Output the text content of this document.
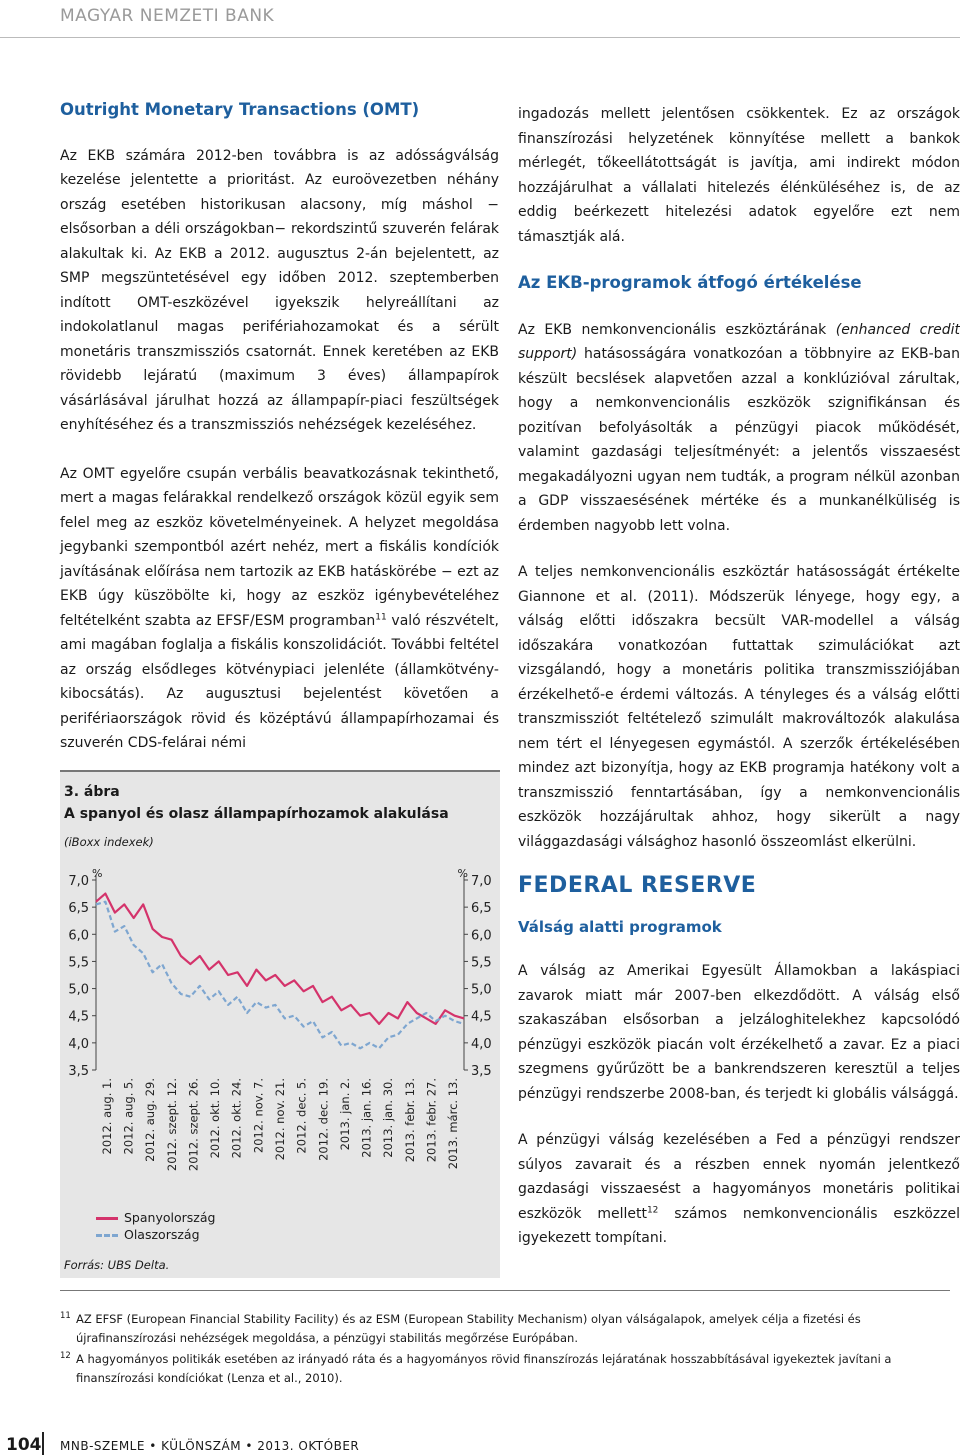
MAGYAR NEMZETI BANK
Outright Monetary Transactions (OMT)

Az EKB számára 2012-ben továbbra is az adósságválság kezelése jelentette a prioritást. Az euroövezetben néhány ország esetében historikusan alacsony, míg máshol − elsősorban a déli országokban− rekordszintű szuverén felárak alakultak ki. Az EKB a 2012. augusztus 2-án bejelentett, az SMP megszüntetésével egy időben 2012. szeptemberben indított OMT-eszközével igyekszik helyreállítani az indokolatlanul magas perifériahozamokat és a sérült monetáris transzmissziós csatornát. Ennek keretében az EKB rövidebb lejáratú (maximum 3 éves) állampapírok vásárlásával járulhat hozzá az állampapír-piaci feszültségek enyhítéséhez és a transzmissziós nehézségek kezeléséhez.

Az OMT egyelőre csupán verbális beavatkozásnak tekinthető, mert a magas felárakkal rendelkező országok közül egyik sem felel meg az eszköz követelményeinek. A helyzet megoldása jegybanki szempontból azért nehéz, mert a fiskális kondíciók javításának előírása nem tartozik az EKB hatáskörébe − ezt az EKB úgy küszöbölte ki, hogy az eszköz igénybevételéhez feltételként szabta az EFSF/ESM programban$^{11}$ való részvételt, ami magában foglalja a fiskális konszolidációt. További feltétel az ország elsődleges kötvénypiaci jelenléte (államkötvény-kibocsátás). Az augusztusi bejelentést követően a perifériaországok rövid és középtávú állampapírhozamai és szuverén CDS-felárai némi

3. ábra
A spanyol és olasz állampapírhozamok alakulása
(iBoxx indexek)
7,0	7,0
6,5	6,5
6,0	6,0
5,5	5,5
5,0	5,0
4,5	4,5
4,0	4,0
3,5	3,5
%	%
2012. aug. 1. 2012. aug. 5. 2012. aug. 29. 2012. szept. 12. 2012. szept. 26. 2012. okt. 10. 2012. okt. 24. 2012. nov. 7. 2012. nov. 21. 2012. dec. 5. 2012. dec. 19. 2013. jan. 2. 2013. jan. 16. 2013. jan. 30. 2013. febr. 13. 2013. febr. 27. 2013. márc. 13.
Spanyolország
Olaszország
Forrás: UBS Delta.

ingadozás mellett jelentősen csökkentek. Ez az országok finanszírozási helyzetének könnyítése mellett a bankok mérlegét, tőkeellátottságát is javítja, ami indirekt módon hozzájárulhat a vállalati hitelezés élénküléséhez is, de az eddig beérkezett hitelezési adatok egyelőre ezt nem támasztják alá.

Az EKB-programok átfogó értékelése

Az EKB nemkonvencionális eszköztárának (enhanced credit support) hatásosságára vonatkozóan a többnyire az EKB-ban készült becslések alapvetően azzal a konklúzióval zárultak, hogy a nemkonvencionális eszközök szignifikánsan és pozitívan befolyásolták a pénzügyi piacok működését, valamint gazdasági teljesítményét: a jelentős visszaesést megakadályozni ugyan nem tudták, a program nélkül azonban a GDP visszaesésének mértéke és a munkanélküliség is érdemben nagyobb lett volna.

A teljes nemkonvencionális eszköztár hatásosságát értékelte Giannone et al. (2011). Módszerük lényege, hogy egy, a válság előtti időszakra becsült VAR-modellel a válság időszakára vonatkozóan futtattak szimulációkat azt vizsgálandó, hogy a monetáris politika transzmissziójában érzékelhető-e érdemi változás. A tényleges és a válság előtti transzmissziót feltételező szimulált makrováltozók alakulása nem tért el lényegesen egymástól. A szerzők értékelésében mindez azt bizonyítja, hogy az EKB programja hatékony volt a transzmisszió fenntartásában, így a nemkonvencionális eszközök hozzájárultak ahhoz, hogy sikerült a nagy világgazdasági válsághoz hasonló összeomlást elkerülni.

FEDERAL RESERVE
Válság alatti programok

A válság az Amerikai Egyesült Államokban a lakáspiaci zavarok miatt már 2007-ben elkezdődött. A válság első szakaszában elsősorban a jelzáloghitelekhez kapcsolódó pénzügyi eszközök piacán volt érzékelhető a zavar. Ez a piaci szegmens gyűrűzött be a bankrendszeren keresztül a teljes pénzügyi rendszerbe 2008-ban, és terjedt ki globális válsággá.

A pénzügyi válság kezelésében a Fed a pénzügyi rendszer súlyos zavarait és a részben ennek nyomán jelentkező gazdasági visszaesést a hagyományos monetáris politikai eszközök mellett$^{12}$ számos nemkonvencionális eszközzel igyekezett tompítani.

11 AZ EFSF (European Financial Stability Facility) és az ESM (European Stability Mechanism) olyan válságalapok, amelyek célja a fizetési és újrafinanszírozási nehézségek megoldása, a pénzügyi stabilitás megőrzése Európában.
12 A hagyományos politikák esetében az irányadó ráta és a hagyományos rövid finanszírozás lejáratának hosszabbításával igyekeztek javítani a finanszírozási kondíciókat (Lenza et al., 2010).
104 MNB-SZEMLE • KÜLÖNSZÁM • 2013. OKTÓBER
